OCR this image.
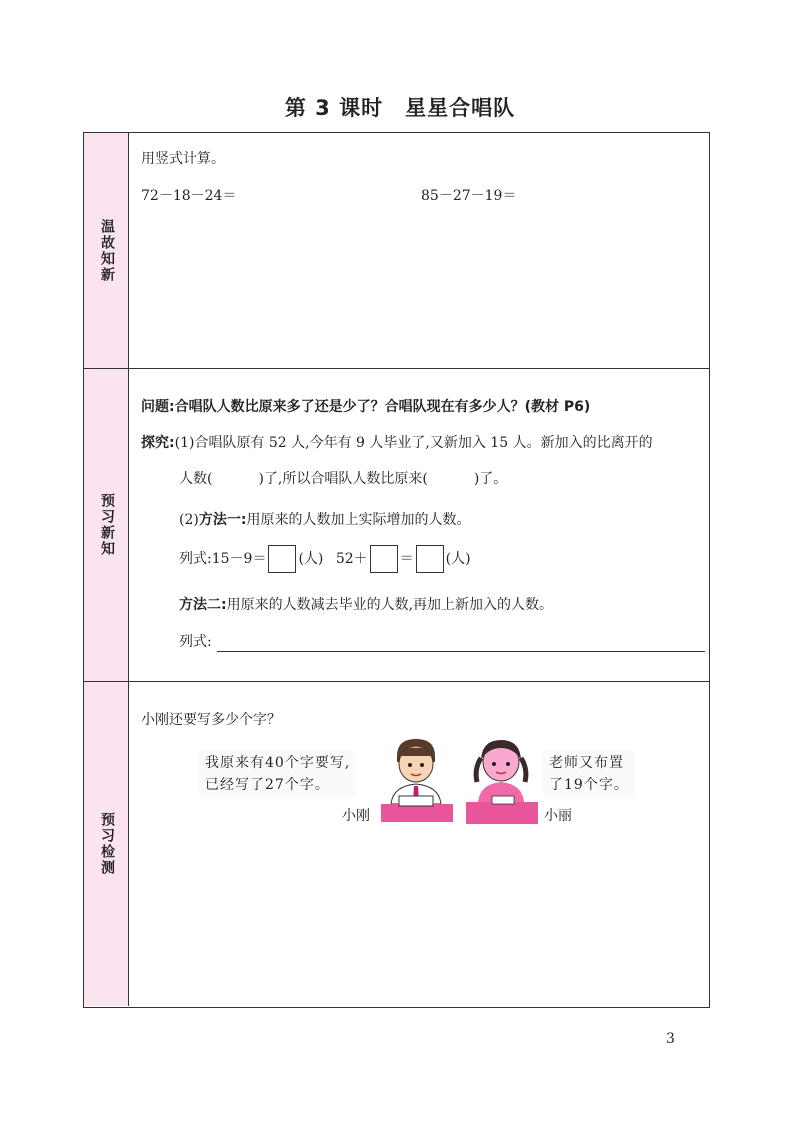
第 3 课时　星星合唱队
温故知新
用竖式计算。
72－18－24＝	85－27－19＝
预习新知
问题:合唱队人数比原来多了还是少了？合唱队现在有多少人？(教材 P6)
探究:(1)合唱队原有 52 人,今年有 9 人毕业了,又新加入 15 人。新加入的比离开的
人数(	)了,所以合唱队人数比原来(	)了。
(2)方法一:用原来的人数加上实际增加的人数。
列式:15－9＝ (人) 52＋ ＝ (人)
方法二:用原来的人数减去毕业的人数,再加上新加入的人数。
列式:
预习检测
小刚还要写多少个字？
我原来有40个字要写,
已经写了27个字。
老师又布置
了19个字。
小刚	小丽
3
